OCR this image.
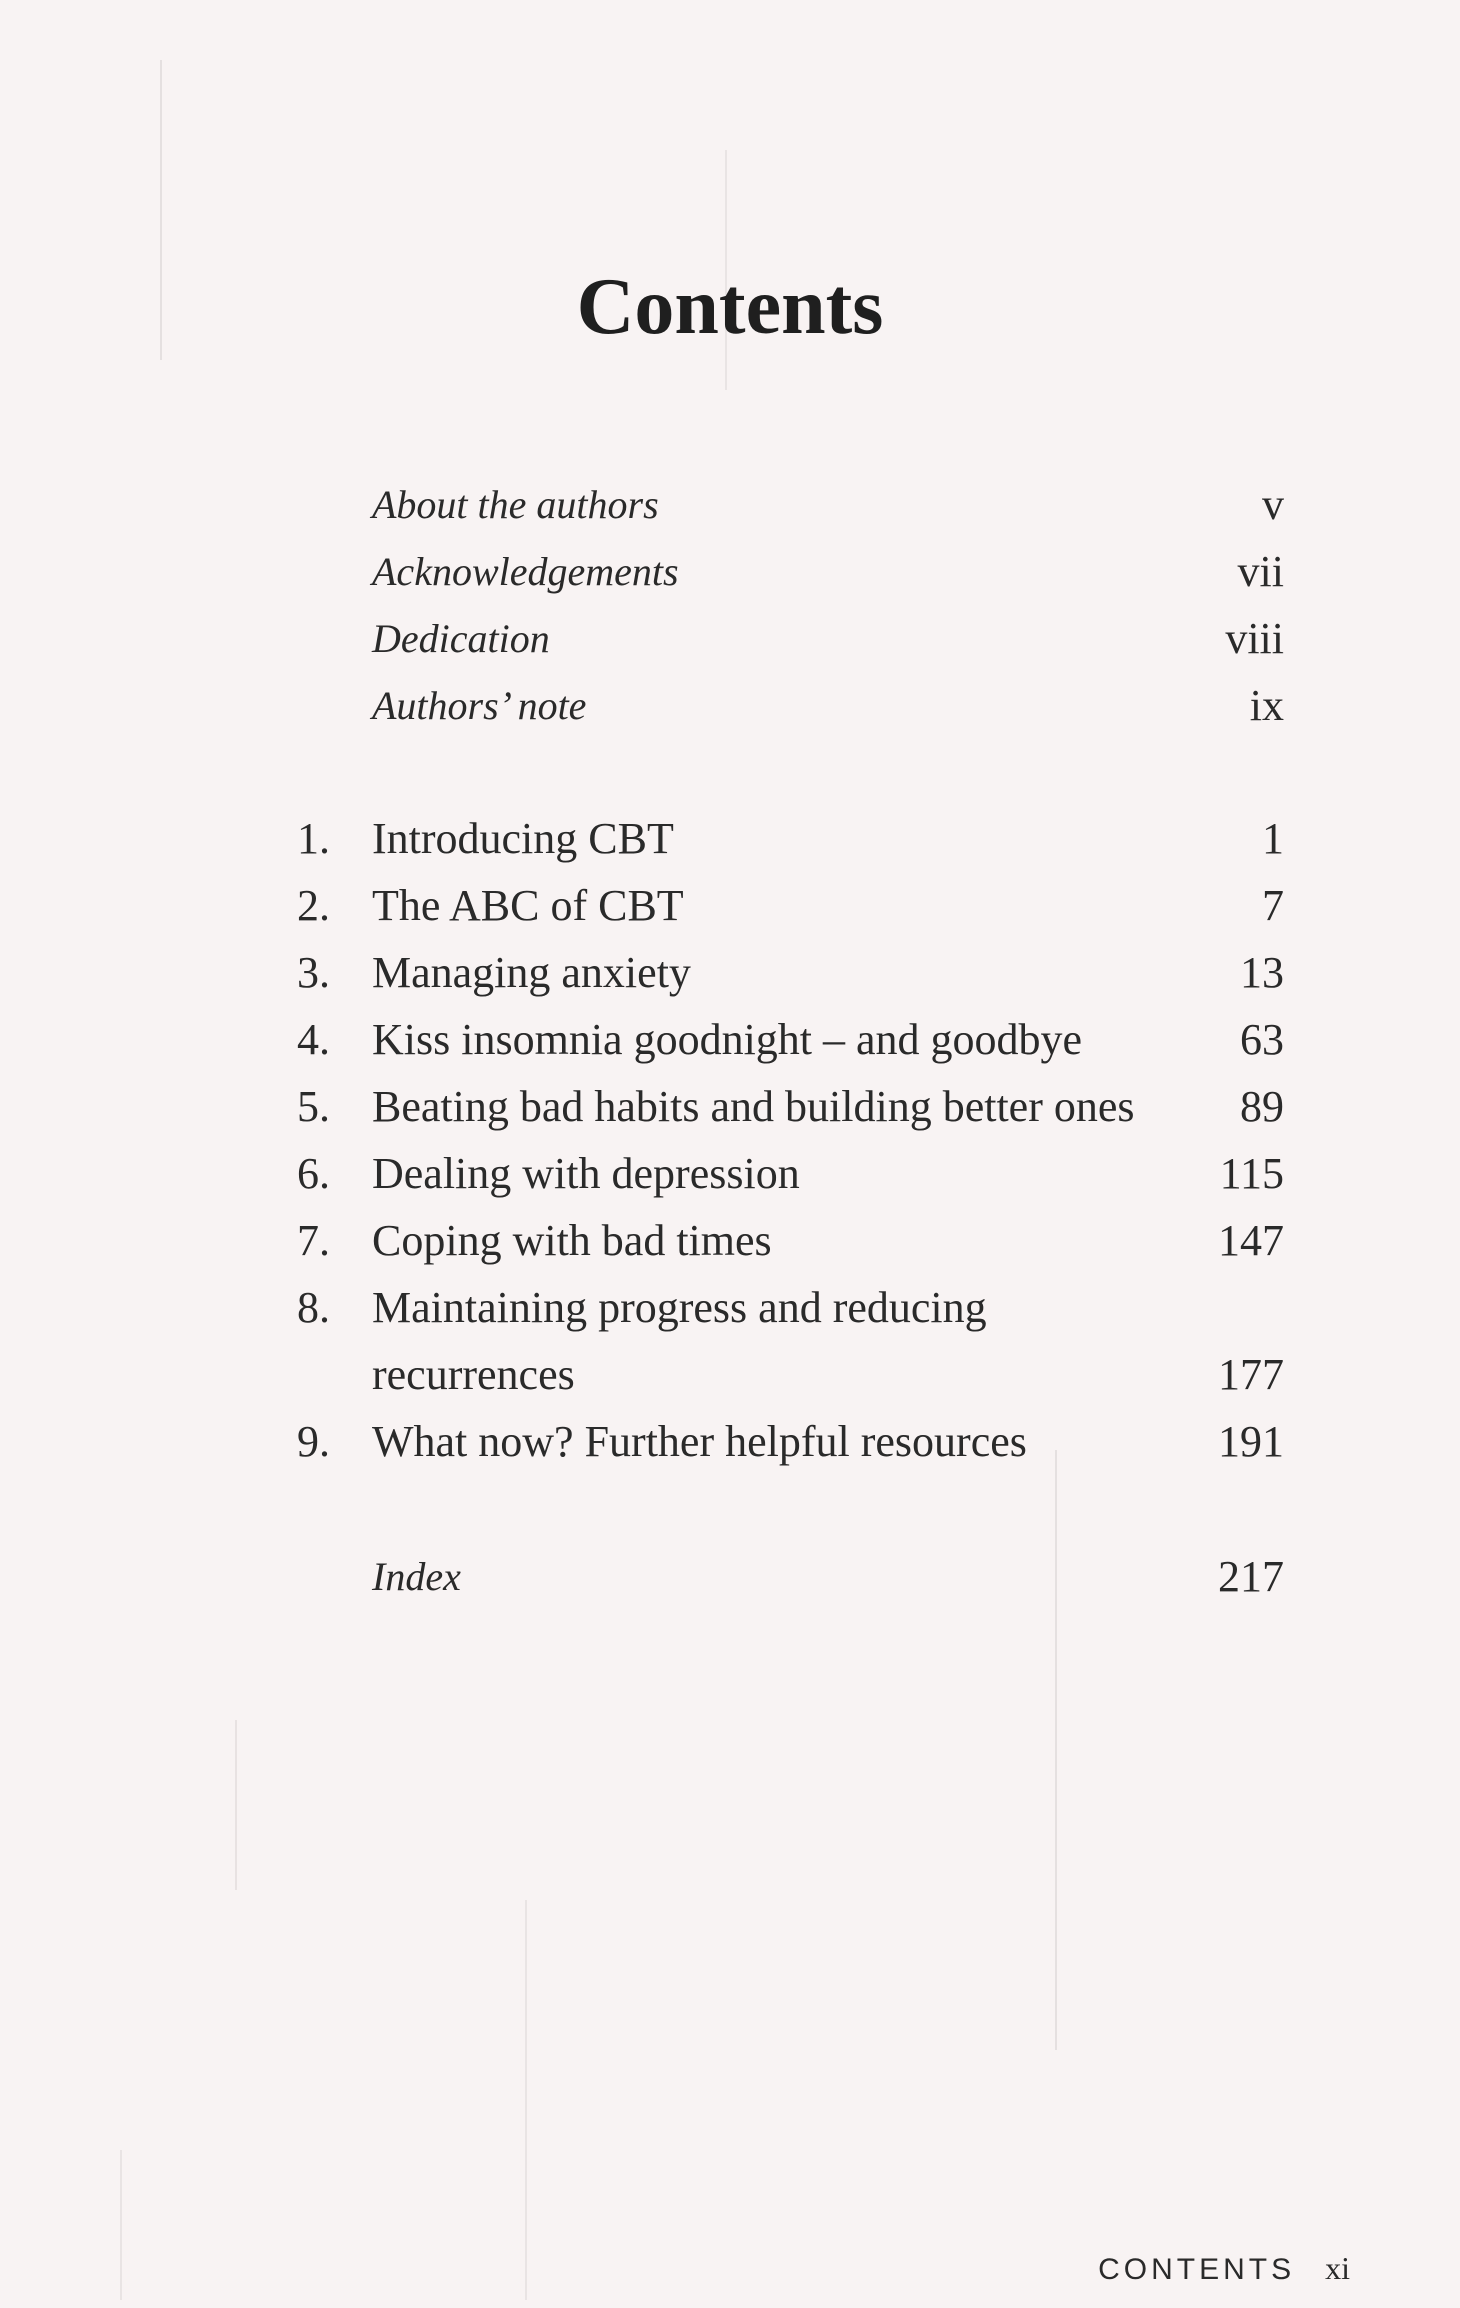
Contents
About the authors	v
Acknowledgements	vii
Dedication	viii
Authors’ note	ix
1. Introducing CBT	1
2. The ABC of CBT	7
3. Managing anxiety	13
4. Kiss insomnia goodnight – and goodbye	63
5. Beating bad habits and building better ones 89
6. Dealing with depression	115
7. Coping with bad times	147
8. Maintaining progress and reducing
recurrences	177
9. What now? Further helpful resources	191
Index	217
CONTENTS xi
